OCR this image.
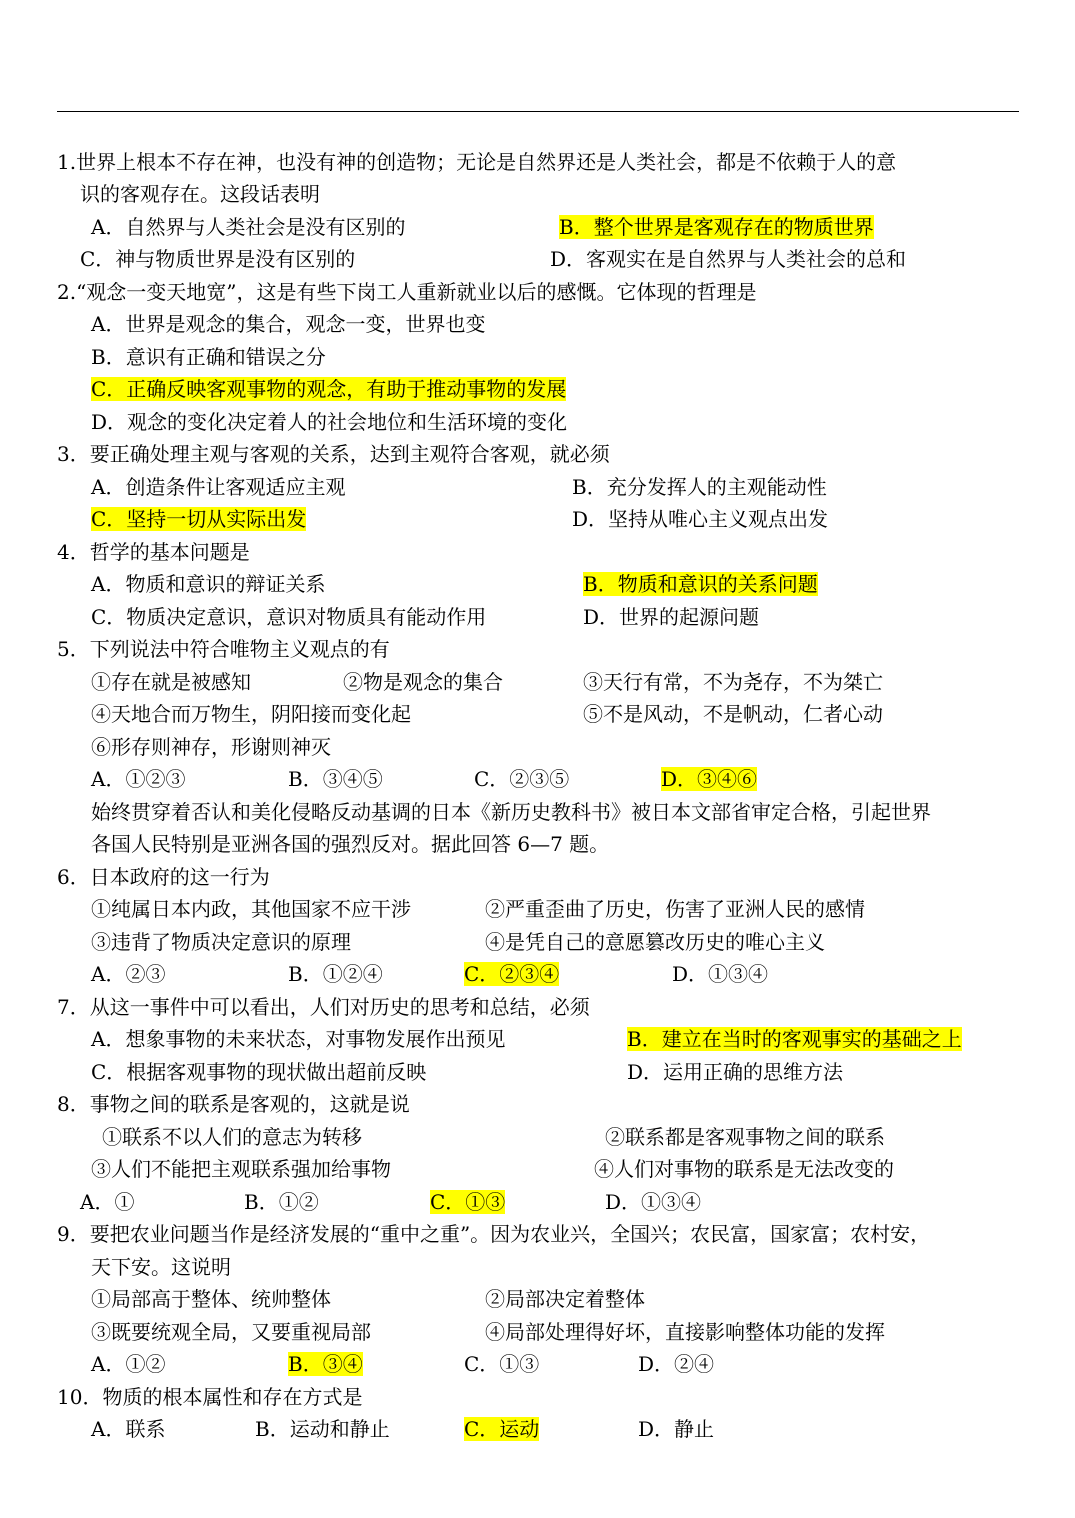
1.世界上根本不存在神，也没有神的创造物；无论是自然界还是人类社会，都是不依赖于人的意
识的客观存在。这段话表明
A．自然界与人类社会是没有区别的	B．整个世界是客观存在的物质世界
C．神与物质世界是没有区别的	D．客观实在是自然界与人类社会的总和
2.“观念一变天地宽”，这是有些下岗工人重新就业以后的感慨。它体现的哲理是
A．世界是观念的集合，观念一变，世界也变
B．意识有正确和错误之分
C．正确反映客观事物的观念，有助于推动事物的发展
D．观念的变化决定着人的社会地位和生活环境的变化
3．要正确处理主观与客观的关系，达到主观符合客观，就必须
A．创造条件让客观适应主观	B．充分发挥人的主观能动性
C．坚持一切从实际出发	D．坚持从唯心主义观点出发
4．哲学的基本问题是
A．物质和意识的辩证关系	B．物质和意识的关系问题
C．物质决定意识，意识对物质具有能动作用	D．世界的起源问题
5．下列说法中符合唯物主义观点的有
①存在就是被感知	②物是观念的集合	③天行有常，不为尧存，不为桀亡
④天地合而万物生，阴阳接而变化起	⑤不是风动，不是帆动，仁者心动
⑥形存则神存，形谢则神灭
A．①②③	B．③④⑤	C．②③⑤	D．③④⑥
始终贯穿着否认和美化侵略反动基调的日本《新历史教科书》被日本文部省审定合格，引起世界
各国人民特别是亚洲各国的强烈反对。据此回答 6—7 题。
6．日本政府的这一行为
①纯属日本内政，其他国家不应干涉	②严重歪曲了历史，伤害了亚洲人民的感情
③违背了物质决定意识的原理	④是凭自己的意愿篡改历史的唯心主义
A．②③	B．①②④	C．②③④	D．①③④
7．从这一事件中可以看出，人们对历史的思考和总结，必须
A．想象事物的未来状态，对事物发展作出预见	B．建立在当时的客观事实的基础之上
C．根据客观事物的现状做出超前反映	D．运用正确的思维方法
8．事物之间的联系是客观的，这就是说
①联系不以人们的意志为转移	②联系都是客观事物之间的联系
③人们不能把主观联系强加给事物	④人们对事物的联系是无法改变的
A．①	B．①②	C．①③	D．①③④
9．要把农业问题当作是经济发展的“重中之重”。因为农业兴，全国兴；农民富，国家富；农村安，
天下安。这说明
①局部高于整体、统帅整体	②局部决定着整体
③既要统观全局，又要重视局部	④局部处理得好坏，直接影响整体功能的发挥
A．①②	B．③④	C．①③	D．②④
10．物质的根本属性和存在方式是
A．联系	B．运动和静止	C．运动	D．静止
